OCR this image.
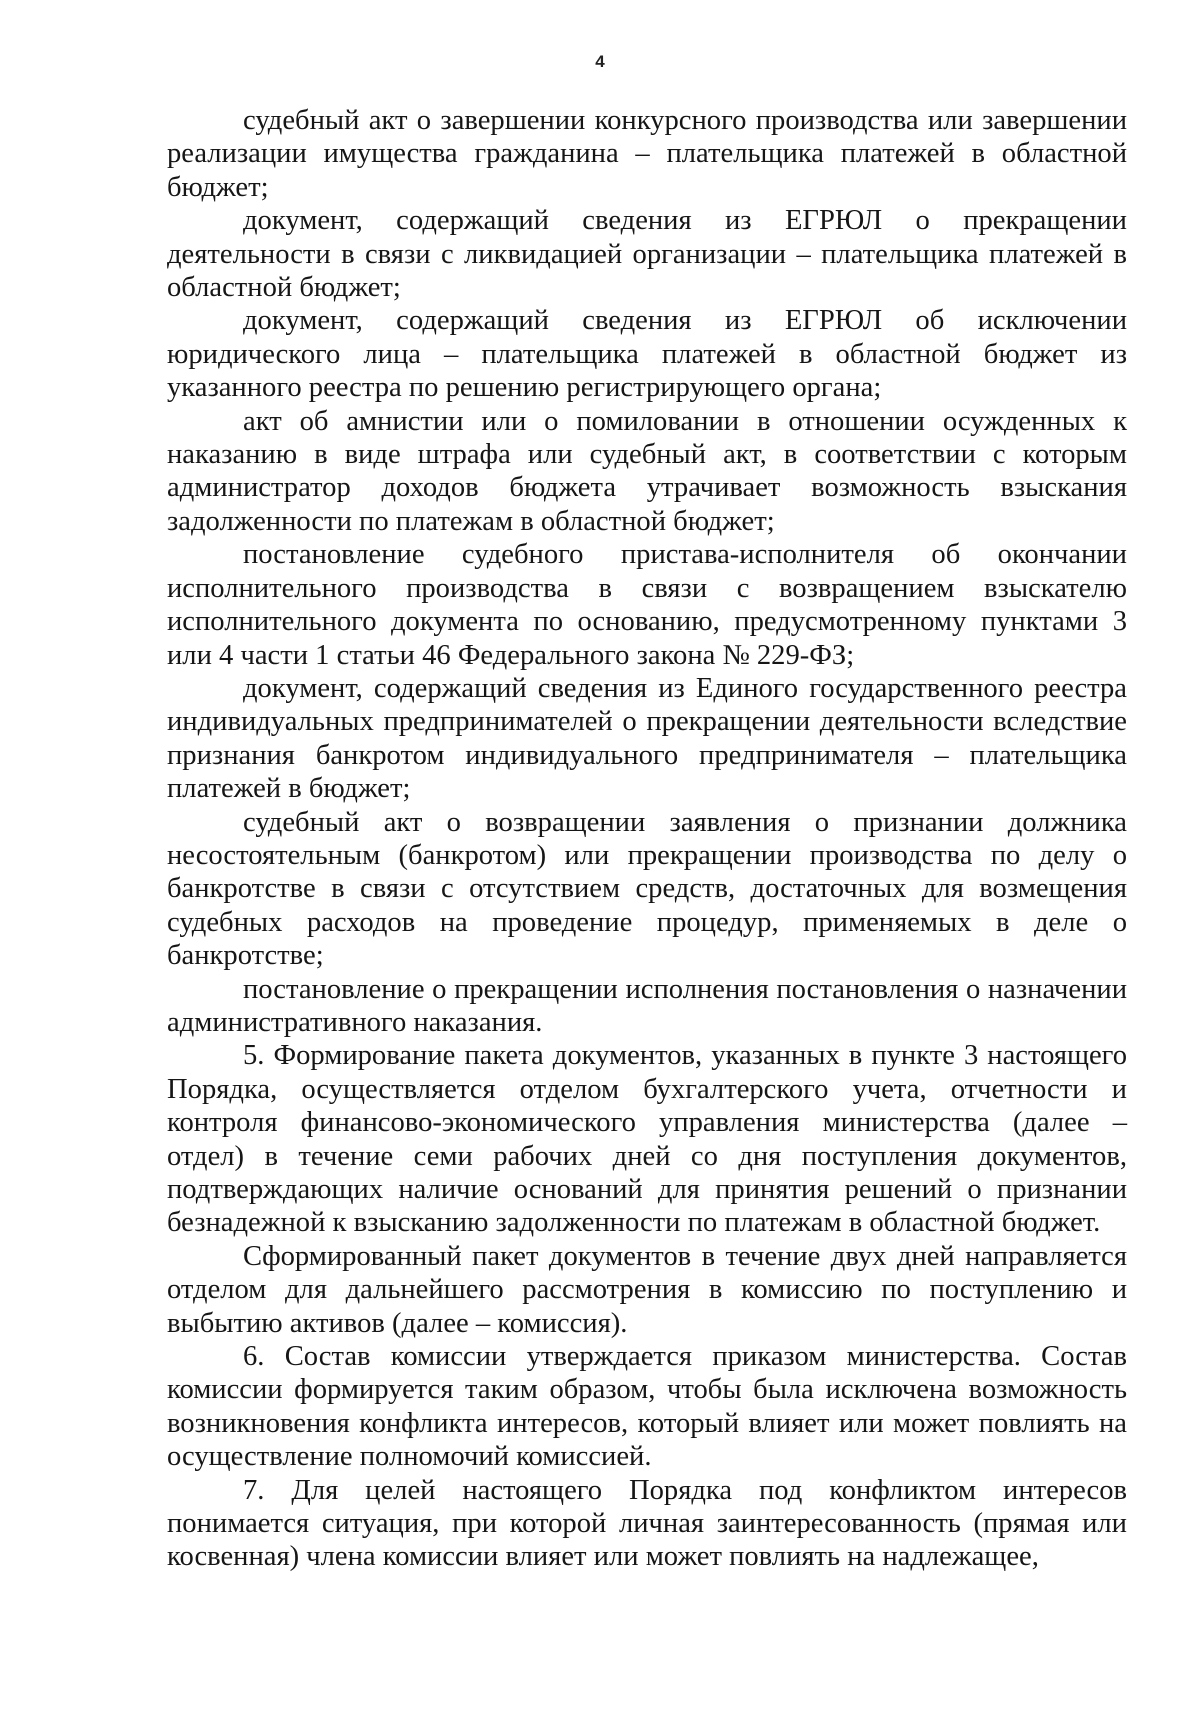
4

судебный акт о завершении конкурсного производства или завершении реализации имущества гражданина – плательщика платежей в областной бюджет;

документ, содержащий сведения из ЕГРЮЛ о прекращении деятельности в связи с ликвидацией организации – плательщика платежей в областной бюджет;

документ, содержащий сведения из ЕГРЮЛ об исключении юридического лица – плательщика платежей в областной бюджет из указанного реестра по решению регистрирующего органа;

акт об амнистии или о помиловании в отношении осужденных к наказанию в виде штрафа или судебный акт, в соответствии с которым администратор доходов бюджета утрачивает возможность взыскания задолженности по платежам в областной бюджет;

постановление судебного пристава-исполнителя об окончании исполнительного производства в связи с возвращением взыскателю исполнительного документа по основанию, предусмотренному пунктами 3 или 4 части 1 статьи 46 Федерального закона № 229-ФЗ;

документ, содержащий сведения из Единого государственного реестра индивидуальных предпринимателей о прекращении деятельности вследствие признания банкротом индивидуального предпринимателя – плательщика платежей в бюджет;

судебный акт о возвращении заявления о признании должника несостоятельным (банкротом) или прекращении производства по делу о банкротстве в связи с отсутствием средств, достаточных для возмещения судебных расходов на проведение процедур, применяемых в деле о банкротстве;

постановление о прекращении исполнения постановления о назначении административного наказания.

5. Формирование пакета документов, указанных в пункте 3 настоящего Порядка, осуществляется отделом бухгалтерского учета, отчетности и контроля финансово-экономического управления министерства (далее – отдел) в течение семи рабочих дней со дня поступления документов, подтверждающих наличие оснований для принятия решений о признании безнадежной к взысканию задолженности по платежам в областной бюджет.

Сформированный пакет документов в течение двух дней направляется отделом для дальнейшего рассмотрения в комиссию по поступлению и выбытию активов (далее – комиссия).

6. Состав комиссии утверждается приказом министерства. Состав комиссии формируется таким образом, чтобы была исключена возможность возникновения конфликта интересов, который влияет или может повлиять на осуществление полномочий комиссией.

7. Для целей настоящего Порядка под конфликтом интересов понимается ситуация, при которой личная заинтересованность (прямая или косвенная) члена комиссии влияет или может повлиять на надлежащее,
